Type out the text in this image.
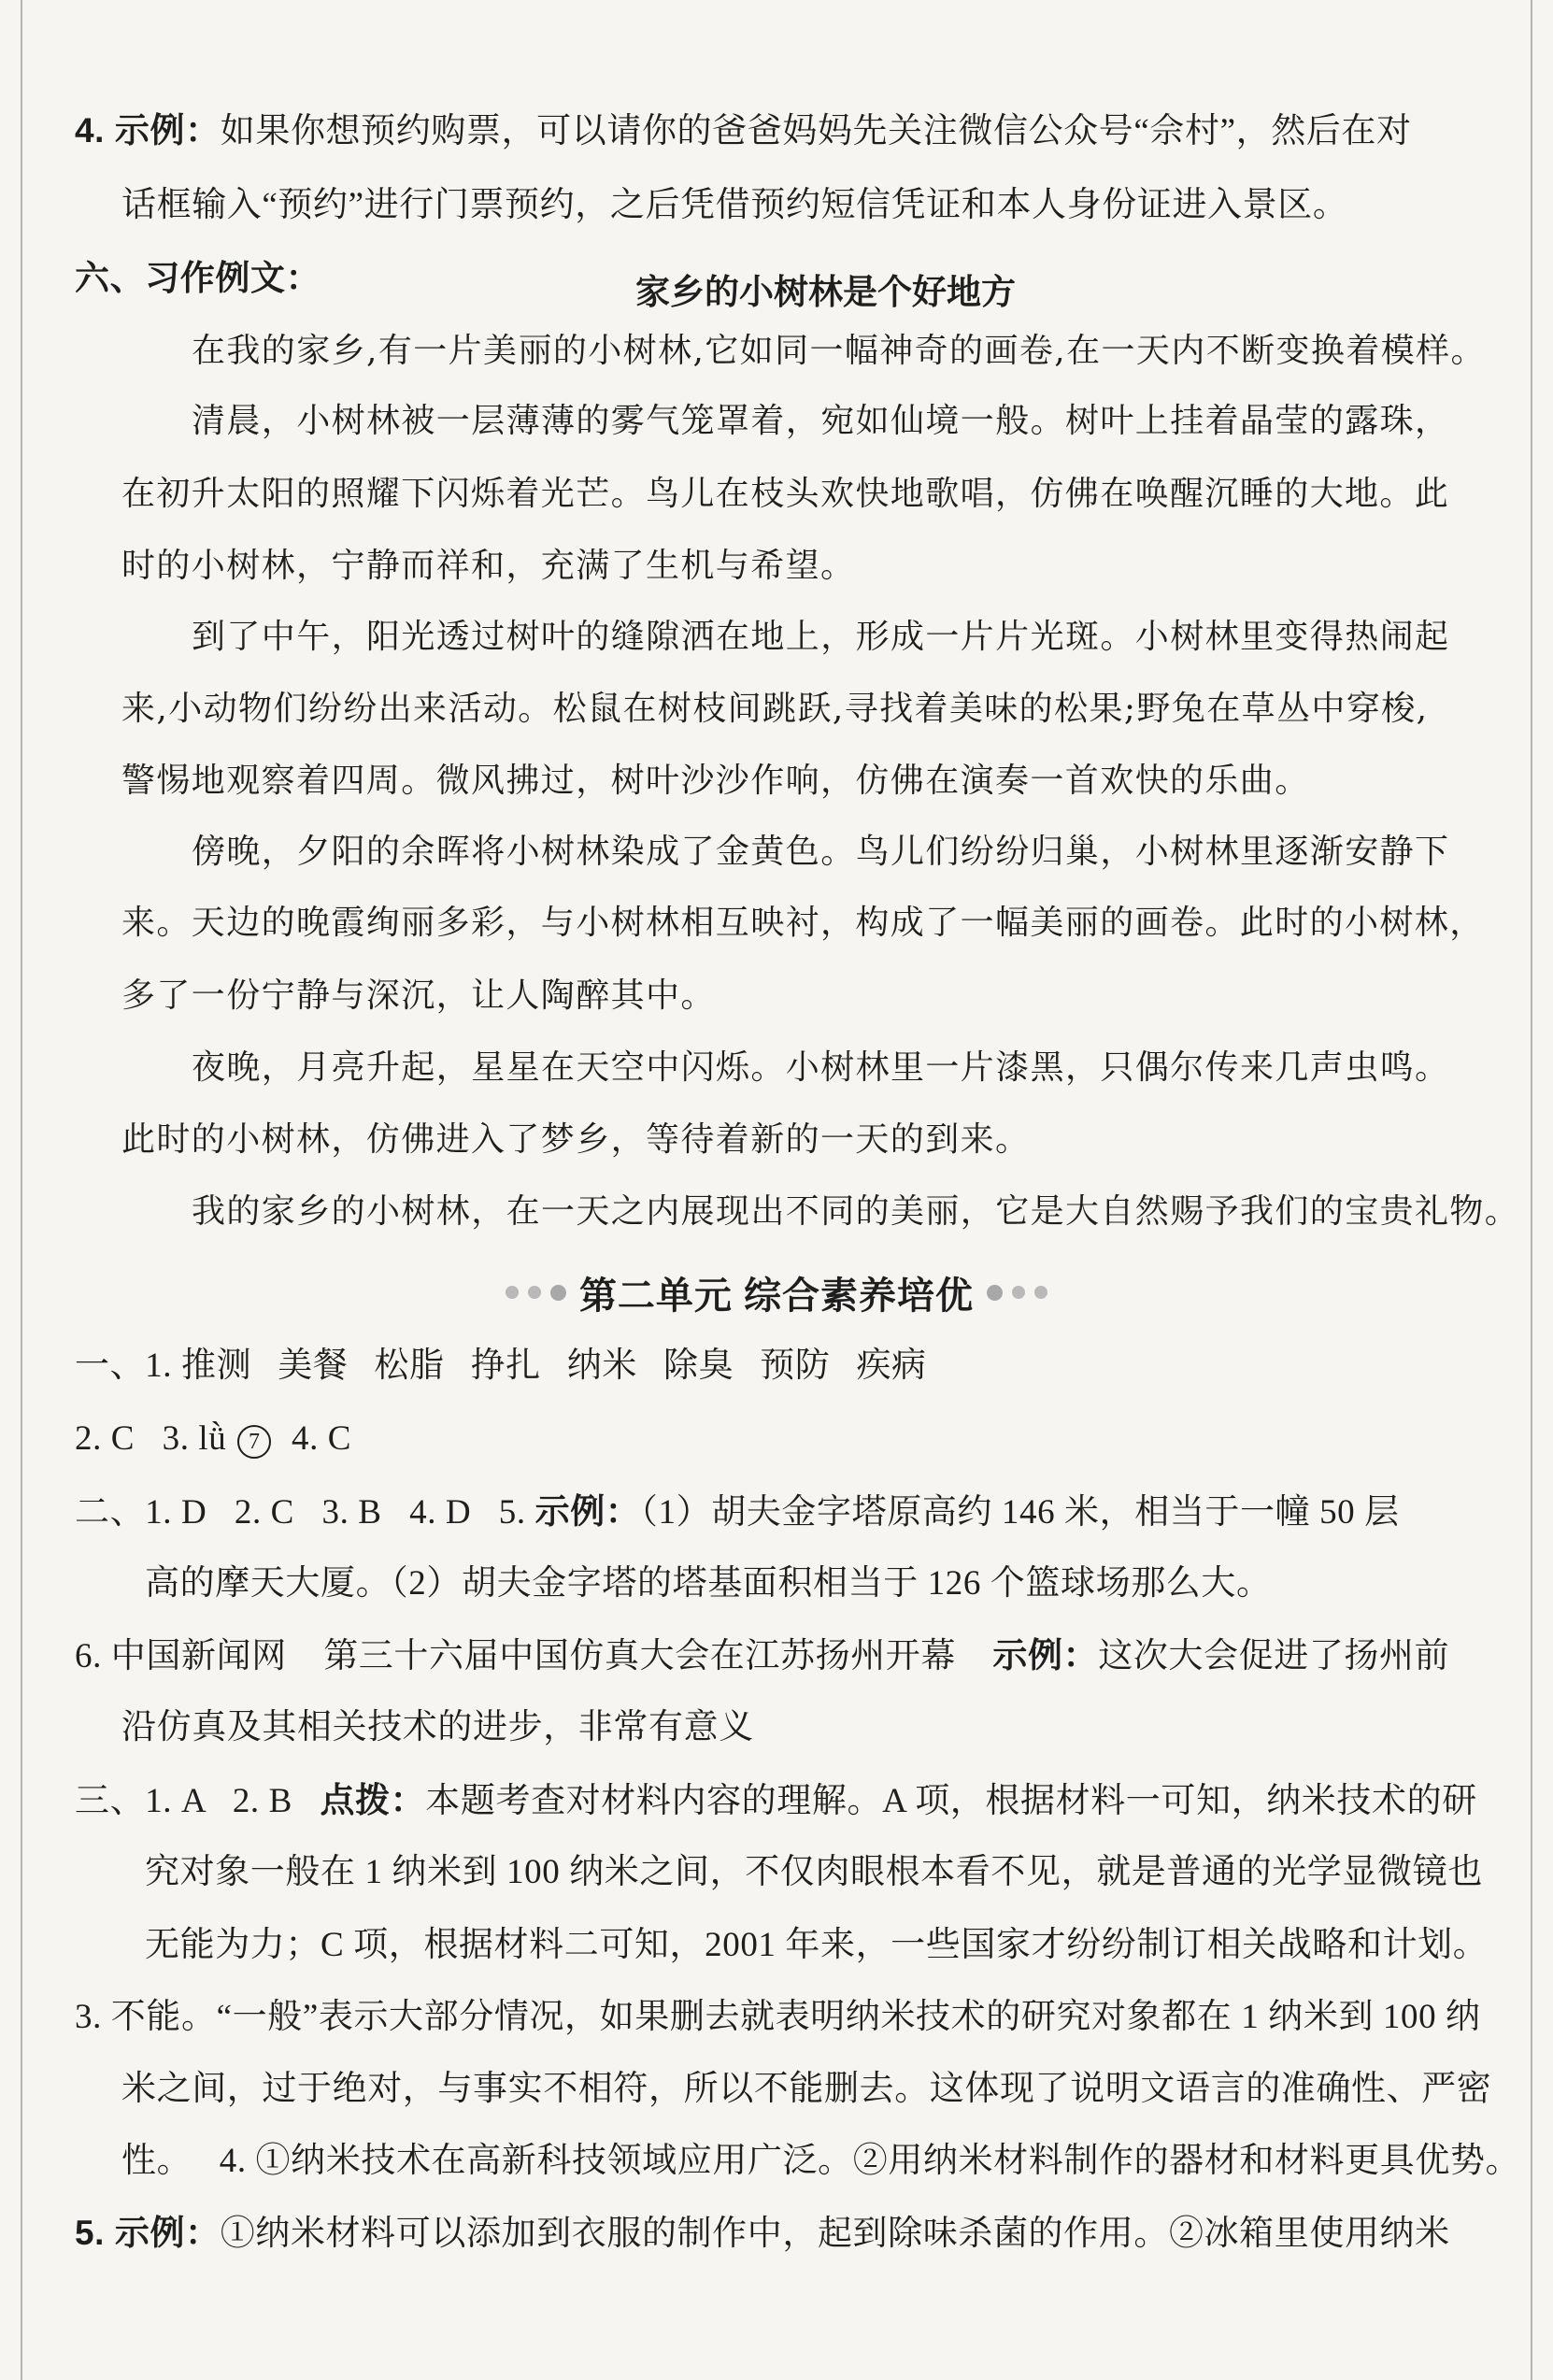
4. 示例：如果你想预约购票，可以请你的爸爸妈妈先关注微信公众号“佘村”，然后在对
话框输入“预约”进行门票预约，之后凭借预约短信凭证和本人身份证进入景区。
六、习作例文：	家乡的小树林是个好地方
在我的家乡,有一片美丽的小树林,它如同一幅神奇的画卷,在一天内不断变换着模样。
清晨，小树林被一层薄薄的雾气笼罩着，宛如仙境一般。树叶上挂着晶莹的露珠，
在初升太阳的照耀下闪烁着光芒。鸟儿在枝头欢快地歌唱，仿佛在唤醒沉睡的大地。此
时的小树林，宁静而祥和，充满了生机与希望。
到了中午，阳光透过树叶的缝隙洒在地上，形成一片片光斑。小树林里变得热闹起
来,小动物们纷纷出来活动。松鼠在树枝间跳跃,寻找着美味的松果;野兔在草丛中穿梭,
警惕地观察着四周。微风拂过，树叶沙沙作响，仿佛在演奏一首欢快的乐曲。
傍晚，夕阳的余晖将小树林染成了金黄色。鸟儿们纷纷归巢，小树林里逐渐安静下
来。天边的晚霞绚丽多彩，与小树林相互映衬，构成了一幅美丽的画卷。此时的小树林，
多了一份宁静与深沉，让人陶醉其中。
夜晚，月亮升起，星星在天空中闪烁。小树林里一片漆黑，只偶尔传来几声虫鸣。
此时的小树林，仿佛进入了梦乡，等待着新的一天的到来。
我的家乡的小树林，在一天之内展现出不同的美丽，它是大自然赐予我们的宝贵礼物。
第二单元 综合素养培优
一、1. 推测 美餐 松脂 挣扎 纳米 除臭 预防 疾病
2. C   3. lǜ 7  4. C
二、1. D   2. C   3. B   4. D   5. 示例：（1）胡夫金字塔原高约 146 米，相当于一幢 50 层
高的摩天大厦。（2）胡夫金字塔的塔基面积相当于 126 个篮球场那么大。
6. 中国新闻网    第三十六届中国仿真大会在江苏扬州开幕    示例：这次大会促进了扬州前
沿仿真及其相关技术的进步，非常有意义
三、1. A   2. B   点拨：本题考查对材料内容的理解。A 项，根据材料一可知，纳米技术的研
究对象一般在 1 纳米到 100 纳米之间，不仅肉眼根本看不见，就是普通的光学显微镜也
无能为力；C 项，根据材料二可知，2001 年来，一些国家才纷纷制订相关战略和计划。
3. 不能。“一般”表示大部分情况，如果删去就表明纳米技术的研究对象都在 1 纳米到 100 纳
米之间，过于绝对，与事实不相符，所以不能删去。这体现了说明文语言的准确性、严密
性。   4. ①纳米技术在高新科技领域应用广泛。②用纳米材料制作的器材和材料更具优势。
5. 示例：①纳米材料可以添加到衣服的制作中，起到除味杀菌的作用。②冰箱里使用纳米
